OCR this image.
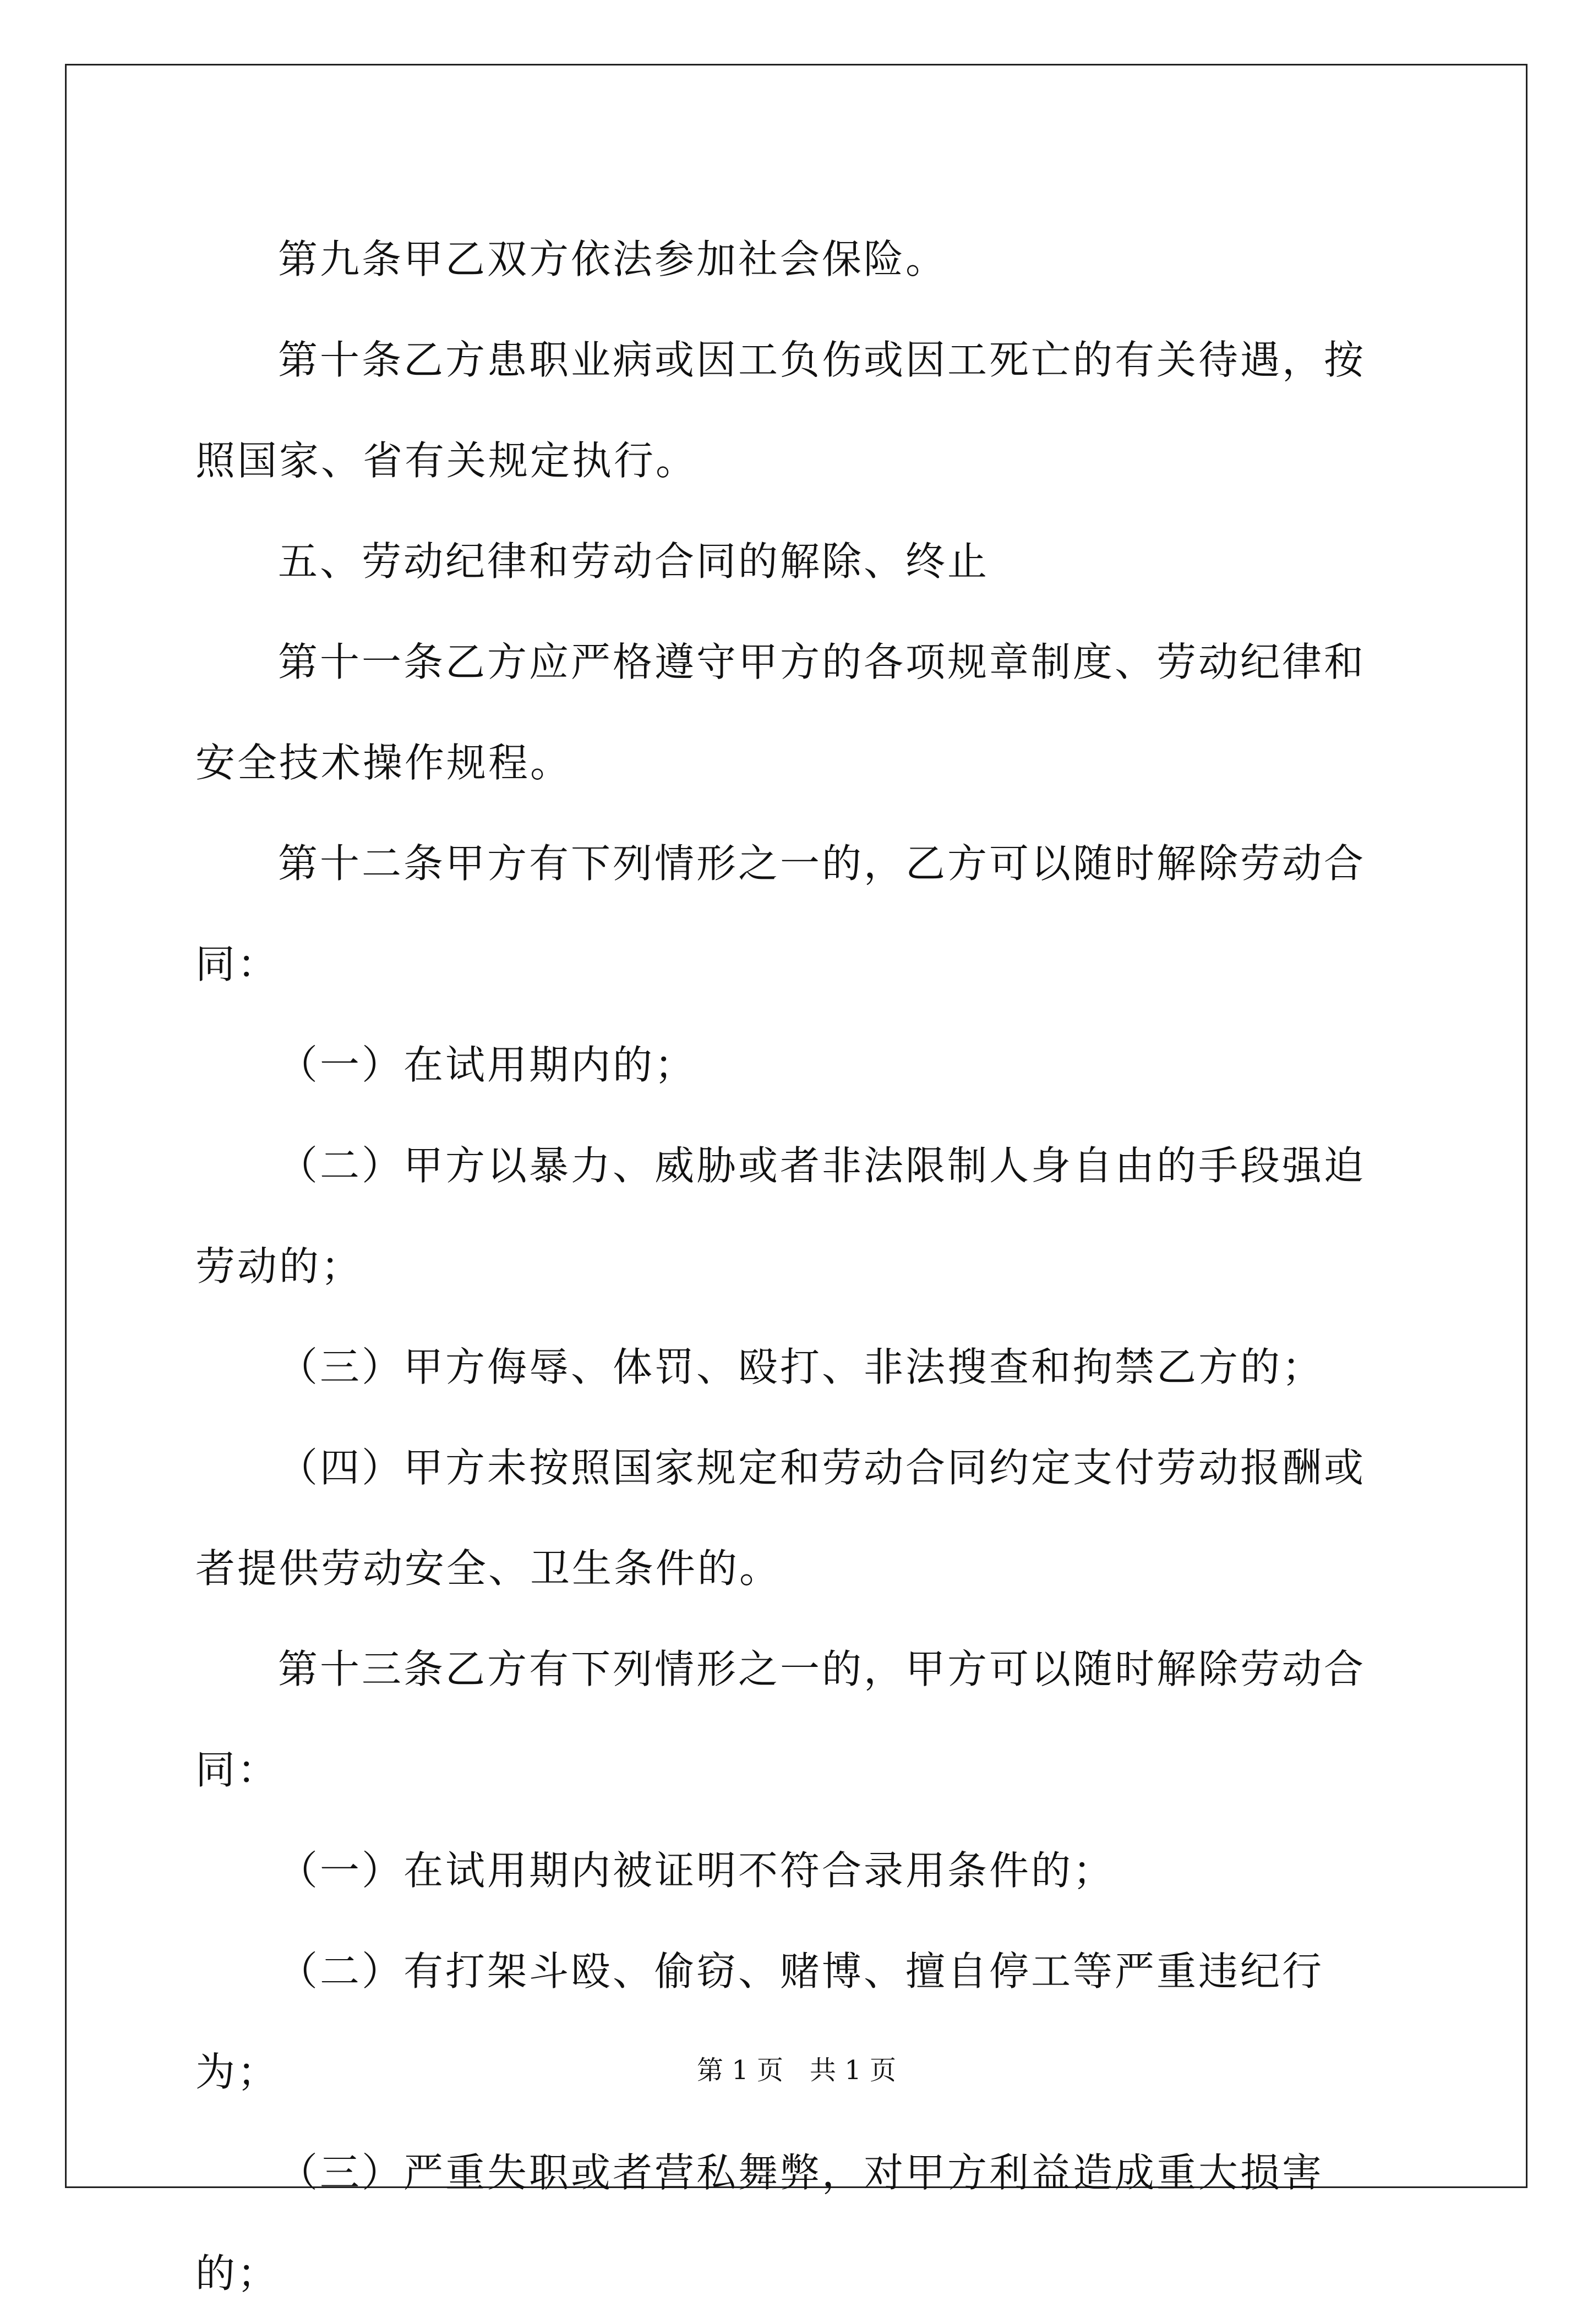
第九条甲乙双方依法参加社会保险。

第十条乙方患职业病或因工负伤或因工死亡的有关待遇，按照国家、省有关规定执行。

五、劳动纪律和劳动合同的解除、终止

第十一条乙方应严格遵守甲方的各项规章制度、劳动纪律和安全技术操作规程。

第十二条甲方有下列情形之一的，乙方可以随时解除劳动合同：

（一）在试用期内的；

（二）甲方以暴力、威胁或者非法限制人身自由的手段强迫劳动的；

（三）甲方侮辱、体罚、殴打、非法搜查和拘禁乙方的；

（四）甲方未按照国家规定和劳动合同约定支付劳动报酬或者提供劳动安全、卫生条件的。

第十三条乙方有下列情形之一的，甲方可以随时解除劳动合同：

（一）在试用期内被证明不符合录用条件的；

（二）有打架斗殴、偷窃、赌博、擅自停工等严重违纪行为；

（三）严重失职或者营私舞弊，对甲方利益造成重大损害的；

第 1 页　共 1 页
